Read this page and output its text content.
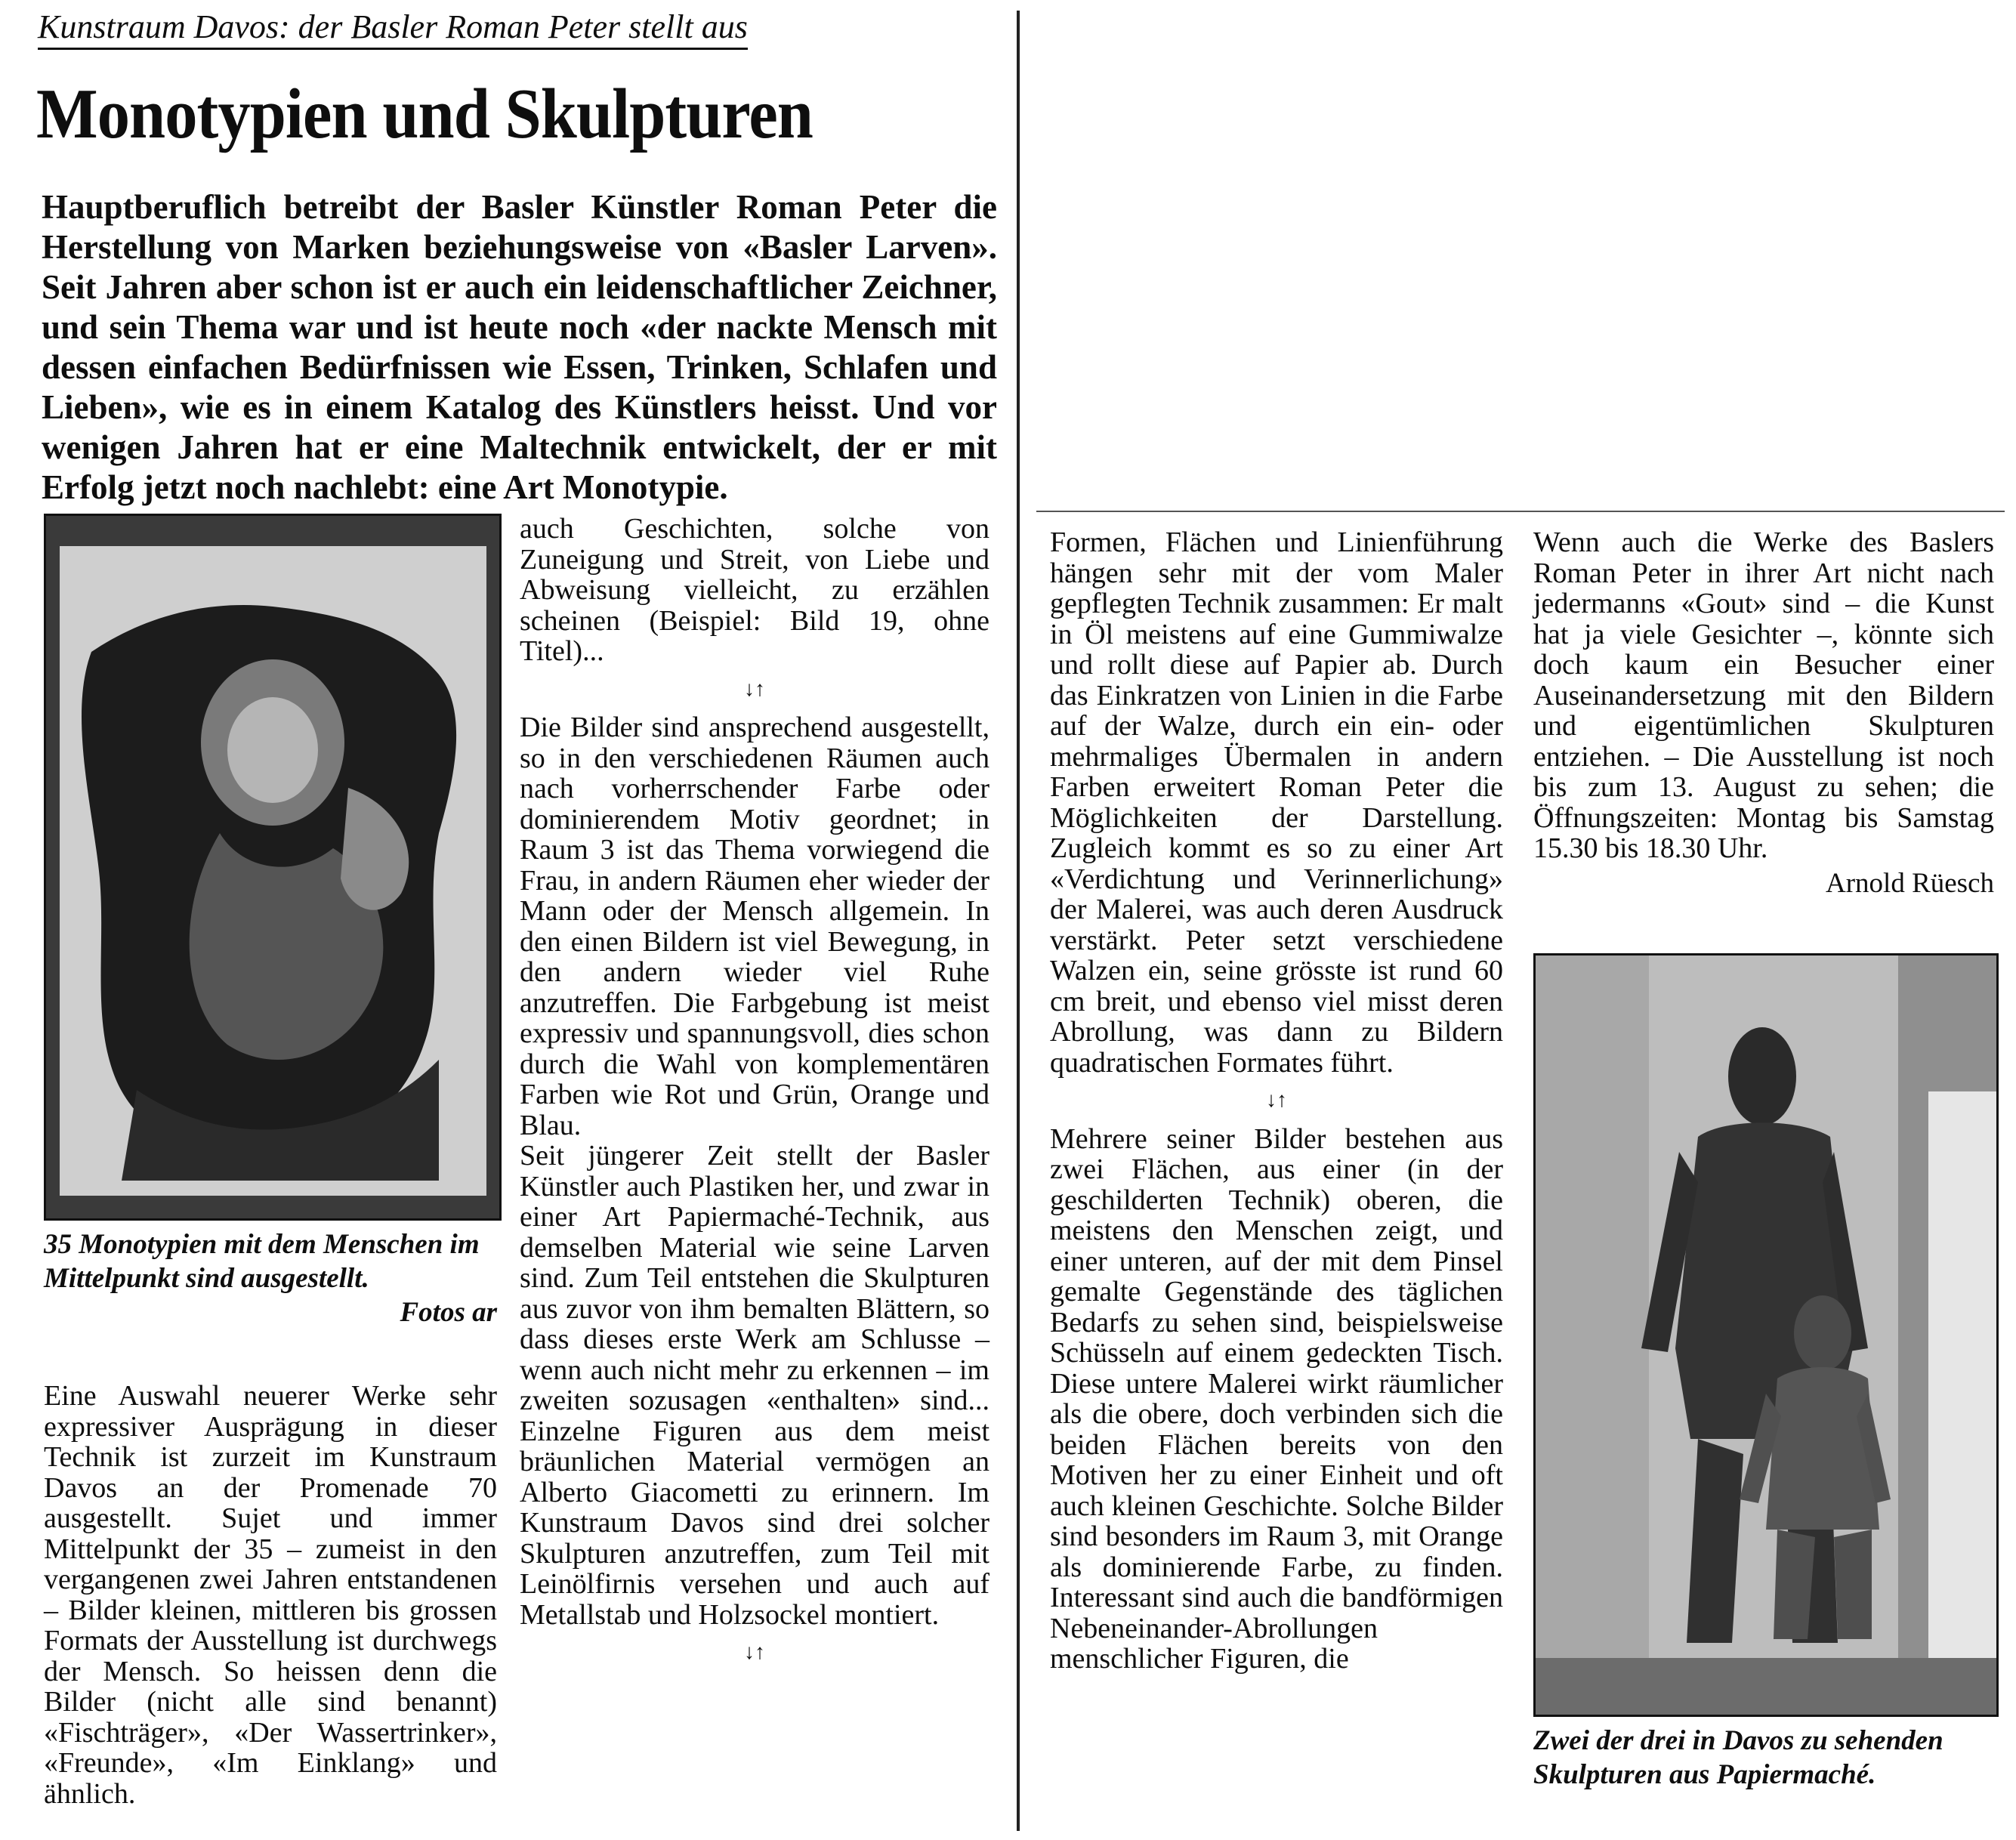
Kunstraum Davos: der Basler Roman Peter stellt aus
Monotypien und Skulpturen
Hauptberuflich betreibt der Basler Künstler Roman Peter die Herstellung von Marken beziehungsweise von «Basler Larven». Seit Jahren aber schon ist er auch ein leidenschaftlicher Zeichner, und sein Thema war und ist heute noch «der nackte Mensch mit dessen einfachen Bedürfnissen wie Essen, Trinken, Schlafen und Lieben», wie es in einem Katalog des Künstlers heisst. Und vor wenigen Jahren hat er eine Maltechnik entwickelt, der er mit Erfolg jetzt noch nachlebt: eine Art Monotypie.
35 Monotypien mit dem Menschen im Mittelpunkt sind ausgestellt.
Fotos ar

Eine Auswahl neuerer Werke sehr expressiver Ausprägung in dieser Technik ist zurzeit im Kunstraum Davos an der Promenade 70 ausgestellt. Sujet und immer Mittelpunkt der 35 – zumeist in den vergangenen zwei Jahren entstandenen – Bilder kleinen, mittleren bis grossen Formats der Ausstellung ist durchwegs der Mensch. So heissen denn die Bilder (nicht alle sind benannt) «Fischträger», «Der Wassertrinker», «Freunde», «Im Einklang» und ähnlich.

auch Geschichten, solche von Zuneigung und Streit, von Liebe und Abweisung vielleicht, zu erzählen scheinen (Beispiel: Bild 19, ohne Titel)...

↓↑

Die Bilder sind ansprechend ausgestellt, so in den verschiedenen Räumen auch nach vorherrschender Farbe oder dominierendem Motiv geordnet; in Raum 3 ist das Thema vorwiegend die Frau, in andern Räumen eher wieder der Mann oder der Mensch allgemein. In den einen Bildern ist viel Bewegung, in den andern wieder viel Ruhe anzutreffen. Die Farbgebung ist meist expressiv und spannungsvoll, dies schon durch die Wahl von komplementären Farben wie Rot und Grün, Orange und Blau.

Seit jüngerer Zeit stellt der Basler Künstler auch Plastiken her, und zwar in einer Art Papiermaché-Technik, aus demselben Material wie seine Larven sind. Zum Teil entstehen die Skulpturen aus zuvor von ihm bemalten Blättern, so dass dieses erste Werk am Schlusse – wenn auch nicht mehr zu erkennen – im zweiten sozusagen «enthalten» sind... Einzelne Figuren aus dem meist bräunlichen Material vermögen an Alberto Giacometti zu erinnern. Im Kunstraum Davos sind drei solcher Skulpturen anzutreffen, zum Teil mit Leinölfirnis versehen und auch auf Metallstab und Holzsockel montiert.

↓↑

Formen, Flächen und Linienführung hängen sehr mit der vom Maler gepflegten Technik zusammen: Er malt in Öl meistens auf eine Gummiwalze und rollt diese auf Papier ab. Durch das Einkratzen von Linien in die Farbe auf der Walze, durch ein ein- oder mehrmaliges Übermalen in andern Farben erweitert Roman Peter die Möglichkeiten der Darstellung. Zugleich kommt es so zu einer Art «Verdichtung und Verinnerlichung» der Malerei, was auch deren Ausdruck verstärkt. Peter setzt verschiedene Walzen ein, seine grösste ist rund 60 cm breit, und ebenso viel misst deren Abrollung, was dann zu Bildern quadratischen Formates führt.

↓↑

Mehrere seiner Bilder bestehen aus zwei Flächen, aus einer (in der geschilderten Technik) oberen, die meistens den Menschen zeigt, und einer unteren, auf der mit dem Pinsel gemalte Gegenstände des täglichen Bedarfs zu sehen sind, beispielsweise Schüsseln auf einem gedeckten Tisch. Diese untere Malerei wirkt räumlicher als die obere, doch verbinden sich die beiden Flächen bereits von den Motiven her zu einer Einheit und oft auch kleinen Geschichte. Solche Bilder sind besonders im Raum 3, mit Orange als dominierende Farbe, zu finden. Interessant sind auch die bandförmigen Nebeneinander-Abrollungen menschlicher Figuren, die

Wenn auch die Werke des Baslers Roman Peter in ihrer Art nicht nach jedermanns «Gout» sind – die Kunst hat ja viele Gesichter –, könnte sich doch kaum ein Besucher einer Auseinandersetzung mit den Bildern und eigentümlichen Skulpturen entziehen. – Die Ausstellung ist noch bis zum 13. August zu sehen; die Öffnungszeiten: Montag bis Samstag 15.30 bis 18.30 Uhr.

Arnold Rüesch
Zwei der drei in Davos zu sehenden Skulpturen aus Papiermaché.
